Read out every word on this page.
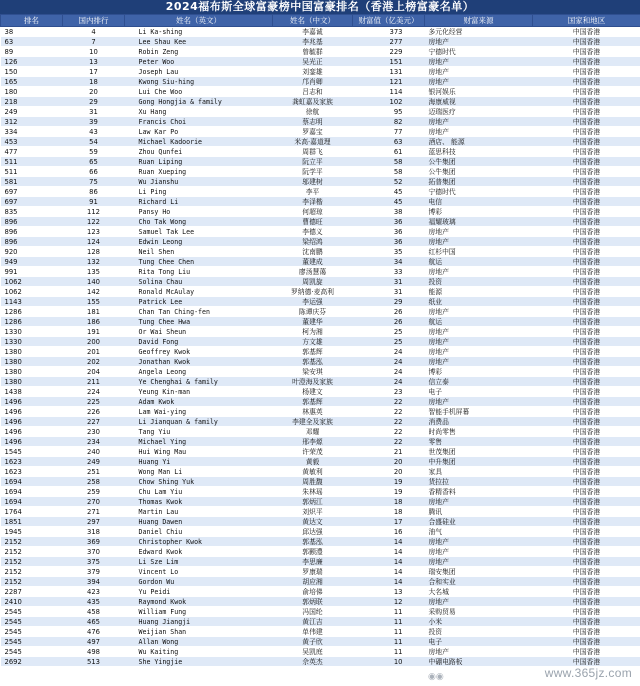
2024福布斯全球富豪榜中国富豪排名（香港上榜富豪名单）
排名	国内排行	姓名（英文）	姓名（中文）	财富值（亿美元）	财富来源	国家和地区
38	4	Li Ka-shing	李嘉诚	373	多元化经营	中国香港
63	7	Lee Shau Kee	李兆基	277	房地产	中国香港
89	10	Robin Zeng	曾毓群	229	宁德时代	中国香港
126	13	Peter Woo	吴光正	151	房地产	中国香港
150	17	Joseph Lau	刘銮雄	131	房地产	中国香港
165	18	Kwong Siu-hing	邝肖卿	121	房地产	中国香港
180	20	Lui Che Woo	吕志和	114	银河娱乐	中国香港
218	29	Gong Hongjia & family	龚虹嘉及家族	102	海康威视	中国香港
249	31	Xu Hang	徐航	95	迈瑞医疗	中国香港
312	39	Francis Choi	蔡志明	82	房地产	中国香港
334	43	Law Kar Po	罗嘉宝	77	房地产	中国香港
453	54	Michael Kadoorie	米高·嘉道理	63	酒店、 能源	中国香港
477	59	Zhou Qunfei	周群飞	61	蓝思科技	中国香港
511	65	Ruan Liping	阮立平	58	公牛集团	中国香港
511	66	Ruan Xueping	阮学平	58	公牛集团	中国香港
581	75	Wu Jianshu	邬建树	52	拓普集团	中国香港
697	86	Li Ping	李平	45	宁德时代	中国香港
697	91	Richard Li	李泽楷	45	电信	中国香港
835	112	Pansy Ho	何超琼	38	博彩	中国香港
896	122	Cho Tak Wong	曹德旺	36	福耀玻璃	中国香港
896	123	Samuel Tak Lee	李德义	36	房地产	中国香港
896	124	Edwin Leong	梁绍鸿	36	房地产	中国香港
920	128	Neil Shen	沈南鹏	35	红杉中国	中国香港
949	132	Tung Chee Chen	董建成	34	航运	中国香港
991	135	Rita Tong Liu	廖汤慧蔼	33	房地产	中国香港
1062	140	Solina Chau	周凯旋	31	投资	中国香港
1062	142	Ronald McAulay	罗纳德·麦高利	31	能源	中国香港
1143	155	Patrick Lee	李运强	29	纸业	中国香港
1286	181	Chan Tan Ching-fen	陈谭庆芬	26	房地产	中国香港
1286	186	Tung Chee Hwa	董建华	26	航运	中国香港
1330	191	Or Wai Sheun	柯为湘	25	房地产	中国香港
1330	200	David Fong	方文雄	25	房地产	中国香港
1380	201	Geoffrey Kwok	郭基辉	24	房地产	中国香港
1380	202	Jonathan Kwok	郭基泓	24	房地产	中国香港
1380	204	Angela Leong	梁安琪	24	博彩	中国香港
1380	211	Ye Chenghai & family	叶澄海及家族	24	信立泰	中国香港
1438	224	Yeung Kin-man	杨建文	23	电子	中国香港
1496	225	Adam Kwok	郭基辉	22	房地产	中国香港
1496	226	Lam Wai-ying	林惠英	22	智能手机屏幕	中国香港
1496	227	Li Jianquan & family	李建全及家族	22	消费品	中国香港
1496	230	Tang Yiu	邓耀	22	时尚零售	中国香港
1496	234	Michael Ying	邢李㷧	22	零售	中国香港
1545	240	Hui Wing Mau	许荣茂	21	世茂集团	中国香港
1623	249	Huang Yi	黄毅	20	中升集团	中国香港
1623	251	Wong Man Li	黄敏利	20	家具	中国香港
1694	258	Chow Shing Yuk	周胜馥	19	货拉拉	中国香港
1694	259	Chu Lam Yiu	朱林瑶	19	香精香料	中国香港
1694	270	Thomas Kwok	郭炳江	18	房地产	中国香港
1764	271	Martin Lau	刘炽平	18	腾讯	中国香港
1851	297	Huang Dawen	黄达文	17	合盛硅业	中国香港
1945	318	Daniel Chiu	邱达强	16	油气	中国香港
2152	369	Christopher Kwok	郭基泓	14	房地产	中国香港
2152	370	Edward Kwok	郭颢澧	14	房地产	中国香港
2152	375	Li Sze Lim	李思廉	14	房地产	中国香港
2152	379	Vincent Lo	罗康瑞	14	瑞安集团	中国香港
2152	394	Gordon Wu	胡应湘	14	合和实业	中国香港
2287	423	Yu Peidi	俞培俤	13	大名城	中国香港
2410	435	Raymond Kwok	郭炳联	12	房地产	中国香港
2545	458	William Fung	冯国纶	11	采购贸易	中国香港
2545	465	Huang Jiangji	黄江吉	11	小米	中国香港
2545	476	Weijian Shan	单伟建	11	投资	中国香港
2545	497	Allan Wong	黄子欣	11	电子	中国香港
2545	498	Wu Kaiting	吴凯庭	11	房地产	中国香港
2692	513	She Yingjie	佘英杰	10	中硼电路板	中国香港
◉◉	www.365jz.com
